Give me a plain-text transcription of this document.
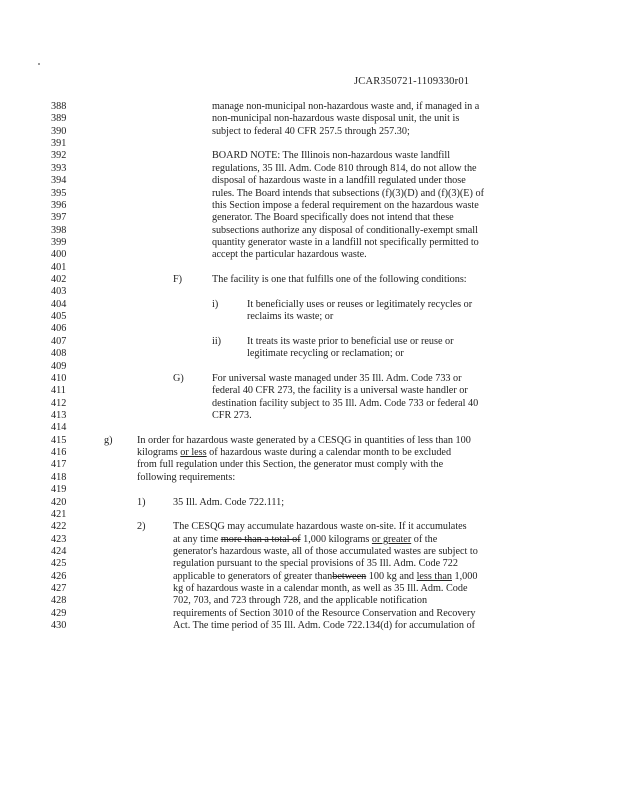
JCAR350721-1109330r01
388	manage non-municipal non-hazardous waste and, if managed in a
389	non-municipal non-hazardous waste disposal unit, the unit is
390	subject to federal 40 CFR 257.5 through 257.30;
391
392	BOARD NOTE: The Illinois non-hazardous waste landfill
393	regulations, 35 Ill. Adm. Code 810 through 814, do not allow the
394	disposal of hazardous waste in a landfill regulated under those
395	rules. The Board intends that subsections (f)(3)(D) and (f)(3)(E) of
396	this Section impose a federal requirement on the hazardous waste
397	generator. The Board specifically does not intend that these
398	subsections authorize any disposal of conditionally-exempt small
399	quantity generator waste in a landfill not specifically permitted to
400	accept the particular hazardous waste.
401
402	F)	The facility is one that fulfills one of the following conditions:
403
404	i)	It beneficially uses or reuses or legitimately recycles or
405	reclaims its waste; or
406
407	ii)	It treats its waste prior to beneficial use or reuse or
408	legitimate recycling or reclamation; or
409
410	G)	For universal waste managed under 35 Ill. Adm. Code 733 or
411	federal 40 CFR 273, the facility is a universal waste handler or
412	destination facility subject to 35 Ill. Adm. Code 733 or federal 40
413	CFR 273.
414
415	g) In order for hazardous waste generated by a CESQG in quantities of less than 100
416	kilograms or less of hazardous waste during a calendar month to be excluded
417	from full regulation under this Section, the generator must comply with the
418	following requirements:
419
420	1)	35 Ill. Adm. Code 722.111;
421
422	2)	The CESQG may accumulate hazardous waste on-site. If it accumulates
423	at any time more than a total of 1,000 kilograms or greater of the
424	generator's hazardous waste, all of those accumulated wastes are subject to
425	regulation pursuant to the special provisions of 35 Ill. Adm. Code 722
426	applicable to generators of greater thanbetween 100 kg and less than 1,000
427	kg of hazardous waste in a calendar month, as well as 35 Ill. Adm. Code
428	702, 703, and 723 through 728, and the applicable notification
429	requirements of Section 3010 of the Resource Conservation and Recovery
430	Act. The time period of 35 Ill. Adm. Code 722.134(d) for accumulation of
